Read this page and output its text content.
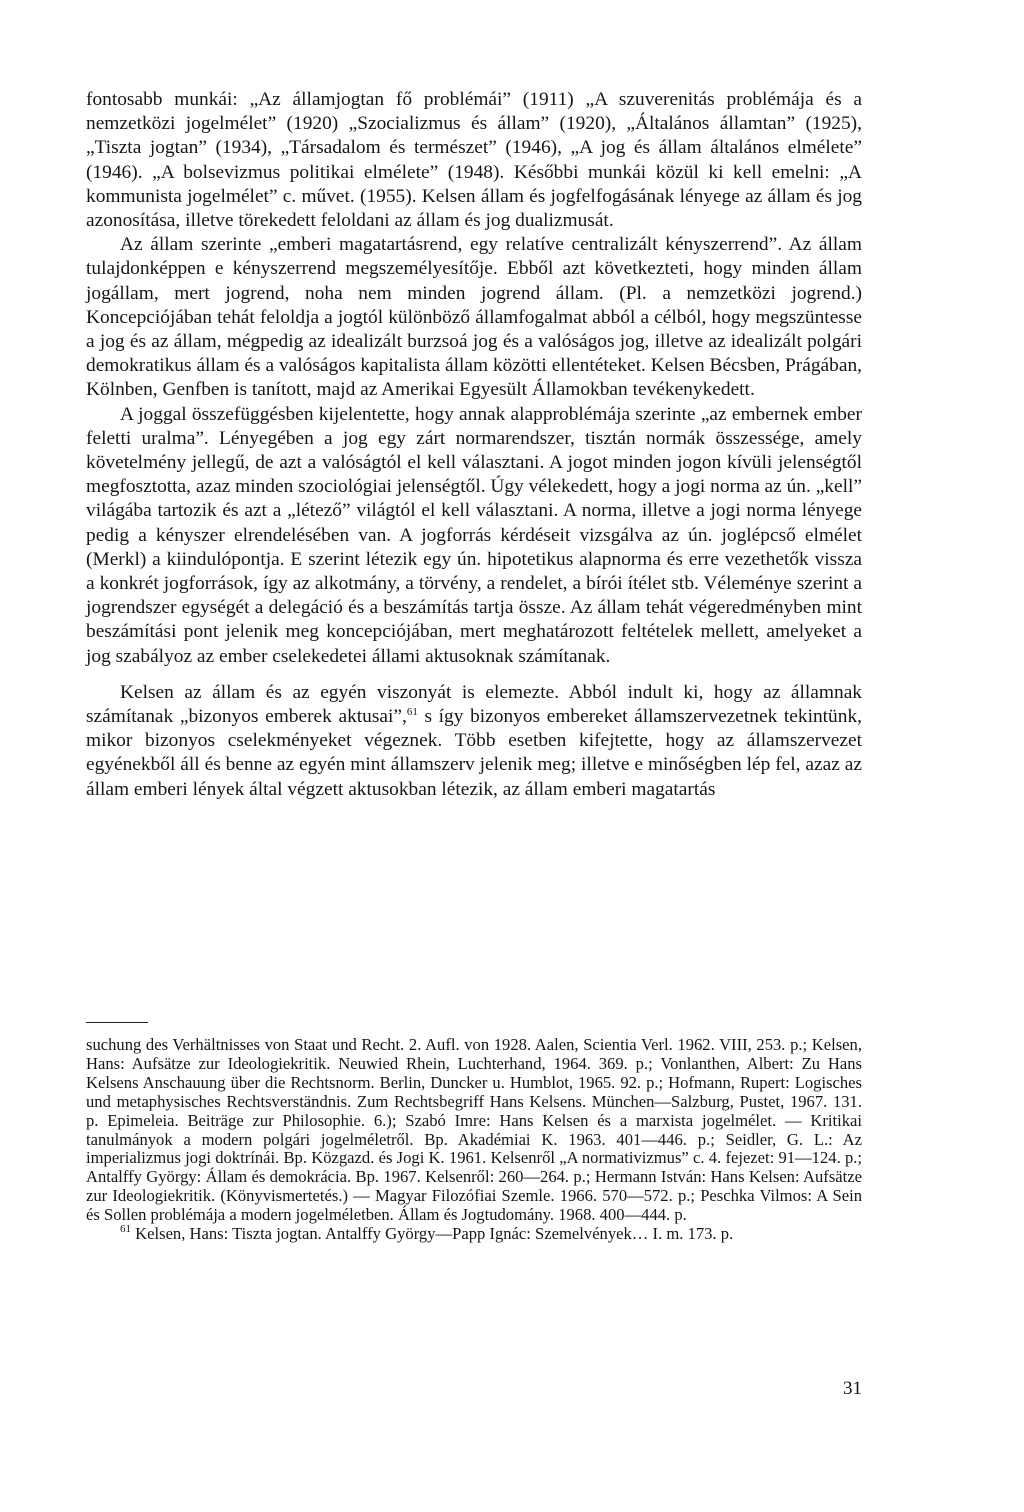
fontosabb munkái: „Az államjogtan fő problémái” (1911) „A szuverenitás problémája és a nemzetközi jogelmélet” (1920) „Szocializmus és állam” (1920), „Általános államtan” (1925), „Tiszta jogtan” (1934), „Társadalom és természet” (1946), „A jog és állam általános elmélete” (1946). „A bolsevizmus politikai elmélete” (1948). Későbbi munkái közül ki kell emelni: „A kommunista jogelmélet” c. művet. (1955). Kelsen állam és jogfelfogásának lényege az állam és jog azonosítása, illetve törekedett feloldani az állam és jog dualizmusát.

Az állam szerinte „emberi magatartásrend, egy relatíve centralizált kényszerrend”. Az állam tulajdonképpen e kényszerrend megszemélyesítője. Ebből azt következteti, hogy minden állam jogállam, mert jogrend, noha nem minden jogrend állam. (Pl. a nemzetközi jogrend.) Koncepciójában tehát feloldja a jogtól különböző államfogalmat abból a célból, hogy megszüntesse a jog és az állam, mégpedig az idealizált burzsoá jog és a valóságos jog, illetve az idealizált polgári demokratikus állam és a valóságos kapitalista állam közötti ellentéteket. Kelsen Bécsben, Prágában, Kölnben, Genfben is tanított, majd az Amerikai Egyesült Államokban tevékenykedett.

A joggal összefüggésben kijelentette, hogy annak alapproblémája szerinte „az embernek ember feletti uralma”. Lényegében a jog egy zárt normarendszer, tisztán normák összessége, amely követelmény jellegű, de azt a valóságtól el kell választani. A jogot minden jogon kívüli jelenségtől megfosztotta, azaz minden szociológiai jelenségtől. Úgy vélekedett, hogy a jogi norma az ún. „kell” világába tartozik és azt a „létező” világtól el kell választani. A norma, illetve a jogi norma lényege pedig a kényszer elrendelésében van. A jogforrás kérdéseit vizsgálva az ún. joglépcső elmélet (Merkl) a kiindulópontja. E szerint létezik egy ún. hipotetikus alapnorma és erre vezethetők vissza a konkrét jogforrások, így az alkotmány, a törvény, a rendelet, a bírói ítélet stb. Véleménye szerint a jogrendszer egységét a delegáció és a beszámítás tartja össze. Az állam tehát végeredményben mint beszámítási pont jelenik meg koncepciójában, mert meghatározott feltételek mellett, amelyeket a jog szabályoz az ember cselekedetei állami aktusoknak számítanak.

Kelsen az állam és az egyén viszonyát is elemezte. Abból indult ki, hogy az államnak számítanak „bizonyos emberek aktusai”,$^{61}$ s így bizonyos embereket államszervezetnek tekintünk, mikor bizonyos cselekményeket végeznek. Több esetben kifejtette, hogy az államszervezet egyénekből áll és benne az egyén mint államszerv jelenik meg; illetve e minőségben lép fel, azaz az állam emberi lények által végzett aktusokban létezik, az állam emberi magatartás

suchung des Verhältnisses von Staat und Recht. 2. Aufl. von 1928. Aalen, Scientia Verl. 1962. VIII, 253. p.; Kelsen, Hans: Aufsätze zur Ideologiekritik. Neuwied Rhein, Luchterhand, 1964. 369. p.; Vonlanthen, Albert: Zu Hans Kelsens Anschauung über die Rechtsnorm. Berlin, Duncker u. Humblot, 1965. 92. p.; Hofmann, Rupert: Logisches und metaphysisches Rechtsverständnis. Zum Rechtsbegriff Hans Kelsens. München—Salzburg, Pustet, 1967. 131. p. Epimeleia. Beiträge zur Philosophie. 6.); Szabó Imre: Hans Kelsen és a marxista jogelmélet. — Kritikai tanulmányok a modern polgári jogelméletről. Bp. Akadémiai K. 1963. 401—446. p.; Seidler, G. L.: Az imperializmus jogi doktrínái. Bp. Közgazd. és Jogi K. 1961. Kelsenről „A normativizmus” c. 4. fejezet: 91—124. p.; Antalffy György: Állam és demokrácia. Bp. 1967. Kelsenről: 260—264. p.; Hermann István: Hans Kelsen: Aufsätze zur Ideologiekritik. (Könyvismertetés.) — Magyar Filozófiai Szemle. 1966. 570—572. p.; Peschka Vilmos: A Sein és Sollen problémája a modern jogelméletben. Állam és Jogtudomány. 1968. 400—444. p.

$^{61}$ Kelsen, Hans: Tiszta jogtan. Antalffy György—Papp Ignác: Szemelvények… I. m. 173. p.

31
